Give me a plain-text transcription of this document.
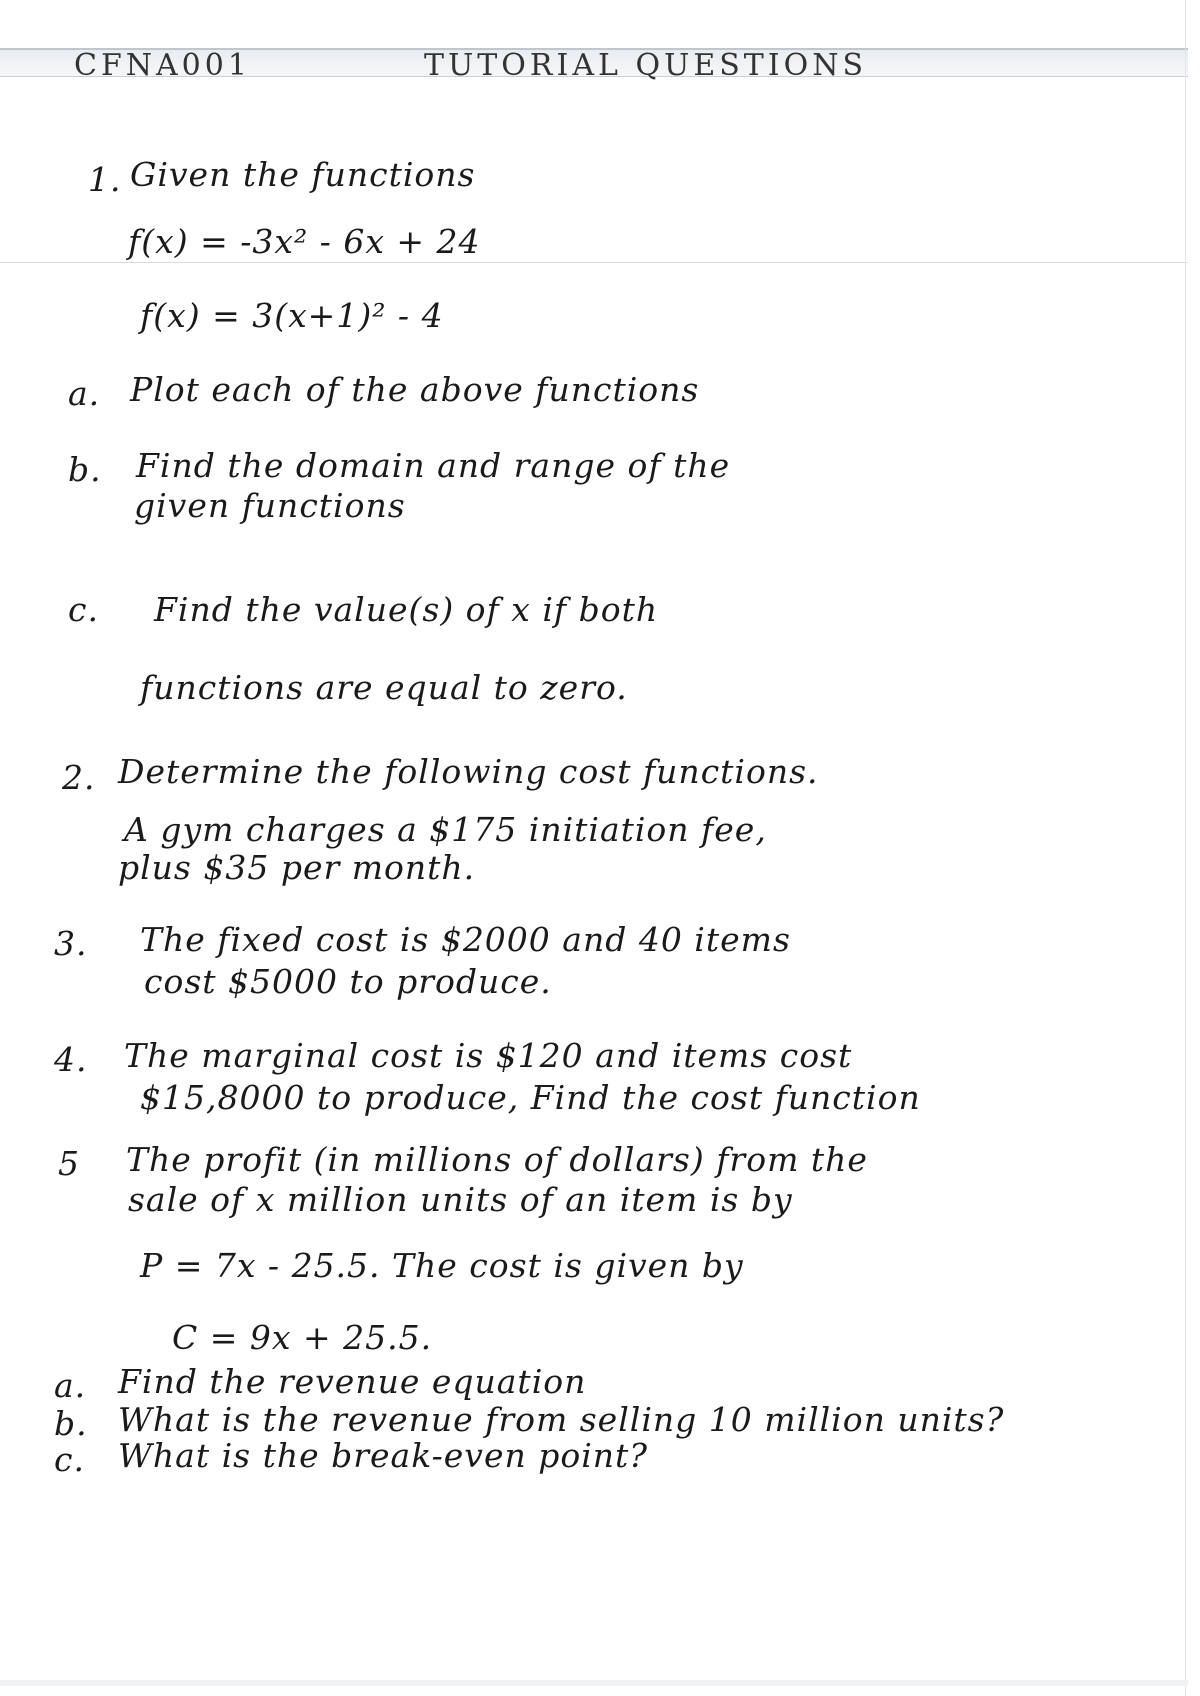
CFNA001	TUTORIAL QUESTIONS
1. Given the functions
f(x) = -3x² - 6x + 24
f(x) = 3(x+1)² - 4
a. Plot each of the above functions
b. Find the domain and range of the
given functions
c. Find the value(s) of x if both
functions are equal to zero.
2. Determine the following cost functions.
A gym charges a $175 initiation fee,
plus $35 per month.
3. The fixed cost is $2000 and 40 items
cost $5000 to produce.
4. The marginal cost is $120 and items cost
$15,8000 to produce, Find the cost function
5 The profit (in millions of dollars) from the
sale of x million units of an item is by
P = 7x - 25.5. The cost is given by
C = 9x + 25.5.
a. Find the revenue equation
b. What is the revenue from selling 10 million units?
c. What is the break-even point?
